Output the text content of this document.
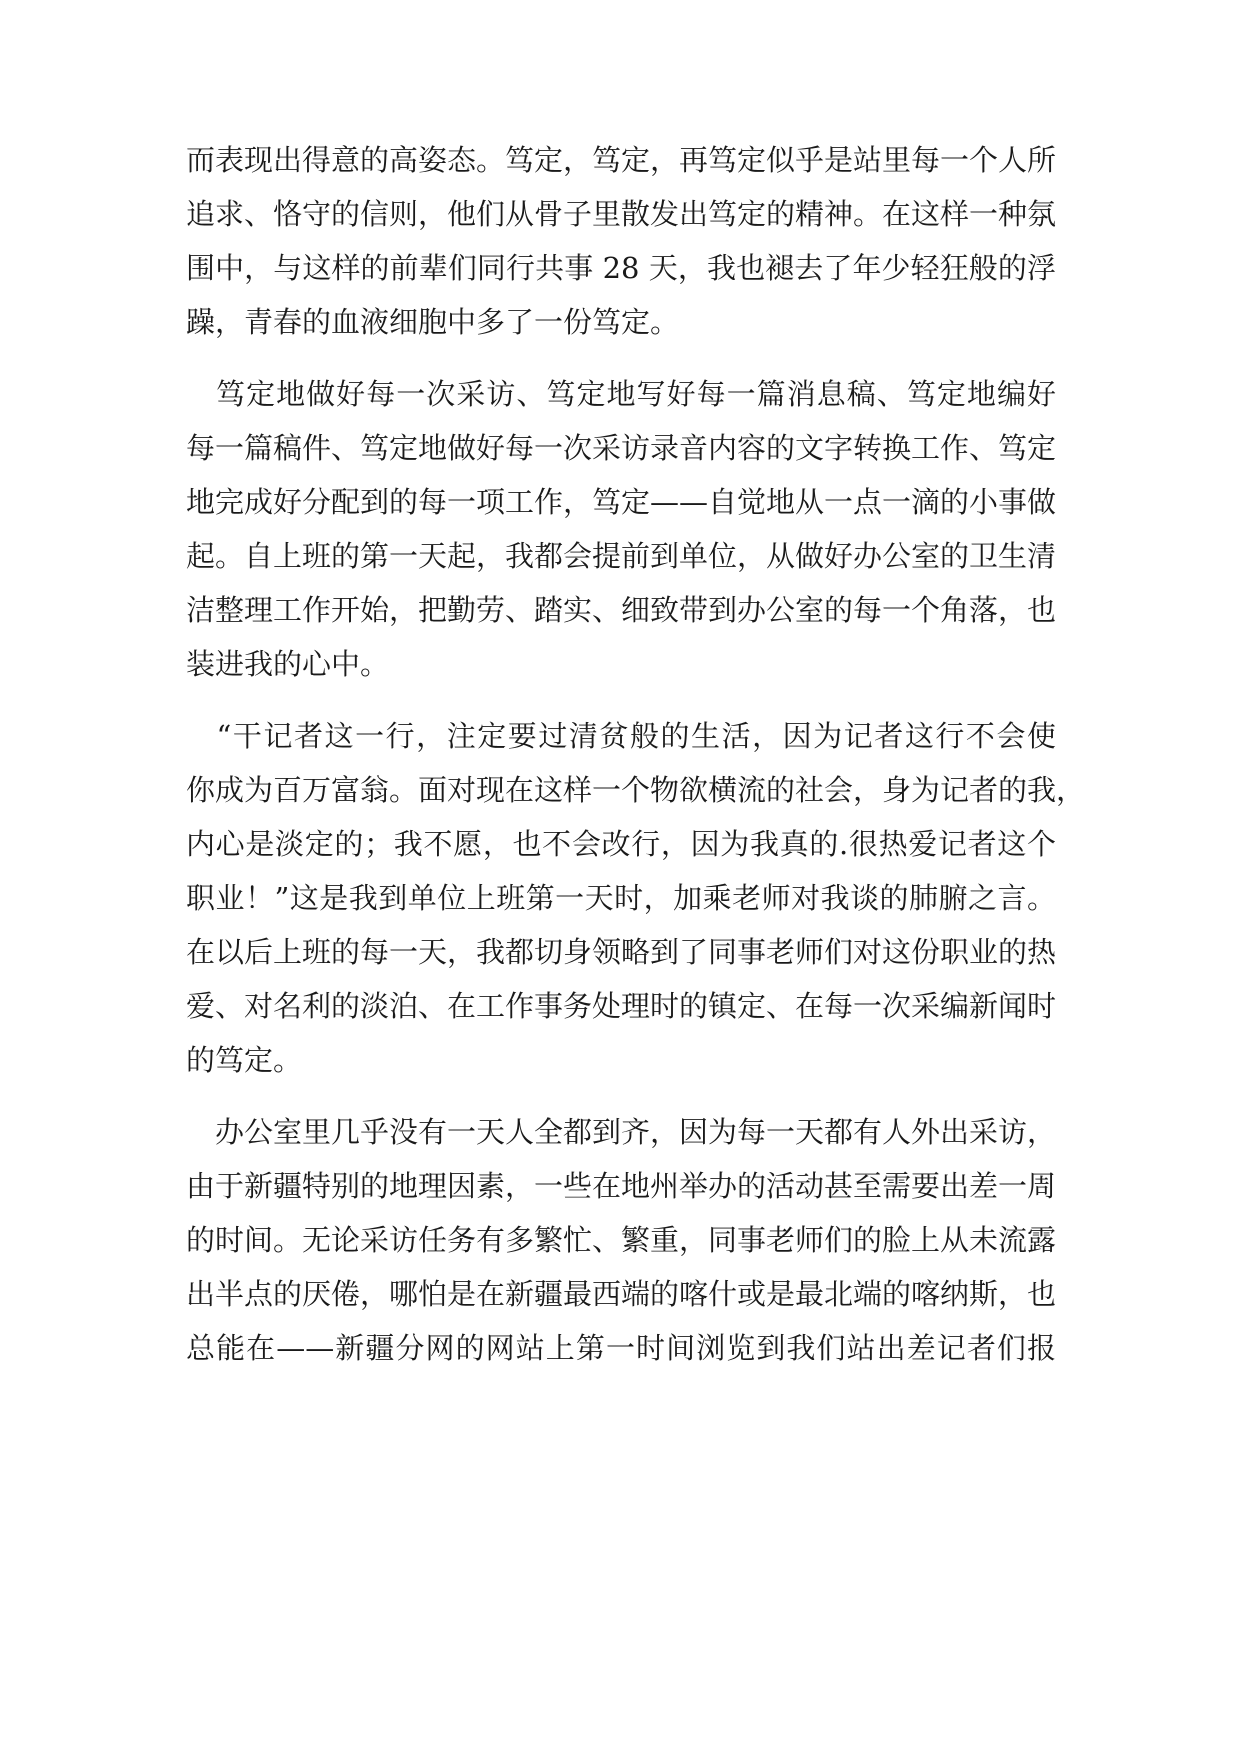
而表现出得意的高姿态。笃定，笃定，再笃定似乎是站里每一个人所
追求、恪守的信则，他们从骨子里散发出笃定的精神。在这样一种氛
围中，与这样的前辈们同行共事 28 天，我也褪去了年少轻狂般的浮
躁，青春的血液细胞中多了一份笃定。
　笃定地做好每一次采访、笃定地写好每一篇消息稿、笃定地编好
每一篇稿件、笃定地做好每一次采访录音内容的文字转换工作、笃定
地完成好分配到的每一项工作，笃定——自觉地从一点一滴的小事做
起。自上班的第一天起，我都会提前到单位，从做好办公室的卫生清
洁整理工作开始，把勤劳、踏实、细致带到办公室的每一个角落，也
装进我的心中。
　“干记者这一行，注定要过清贫般的生活，因为记者这行不会使
你成为百万富翁。面对现在这样一个物欲横流的社会，身为记者的我，
内心是淡定的；我不愿，也不会改行，因为我真的.很热爱记者这个
职业！”这是我到单位上班第一天时，加乘老师对我谈的肺腑之言。
在以后上班的每一天，我都切身领略到了同事老师们对这份职业的热
爱、对名利的淡泊、在工作事务处理时的镇定、在每一次采编新闻时
的笃定。
　办公室里几乎没有一天人全都到齐，因为每一天都有人外出采访，
由于新疆特别的地理因素，一些在地州举办的活动甚至需要出差一周
的时间。无论采访任务有多繁忙、繁重，同事老师们的脸上从未流露
出半点的厌倦，哪怕是在新疆最西端的喀什或是最北端的喀纳斯，也
总能在——新疆分网的网站上第一时间浏览到我们站出差记者们报
